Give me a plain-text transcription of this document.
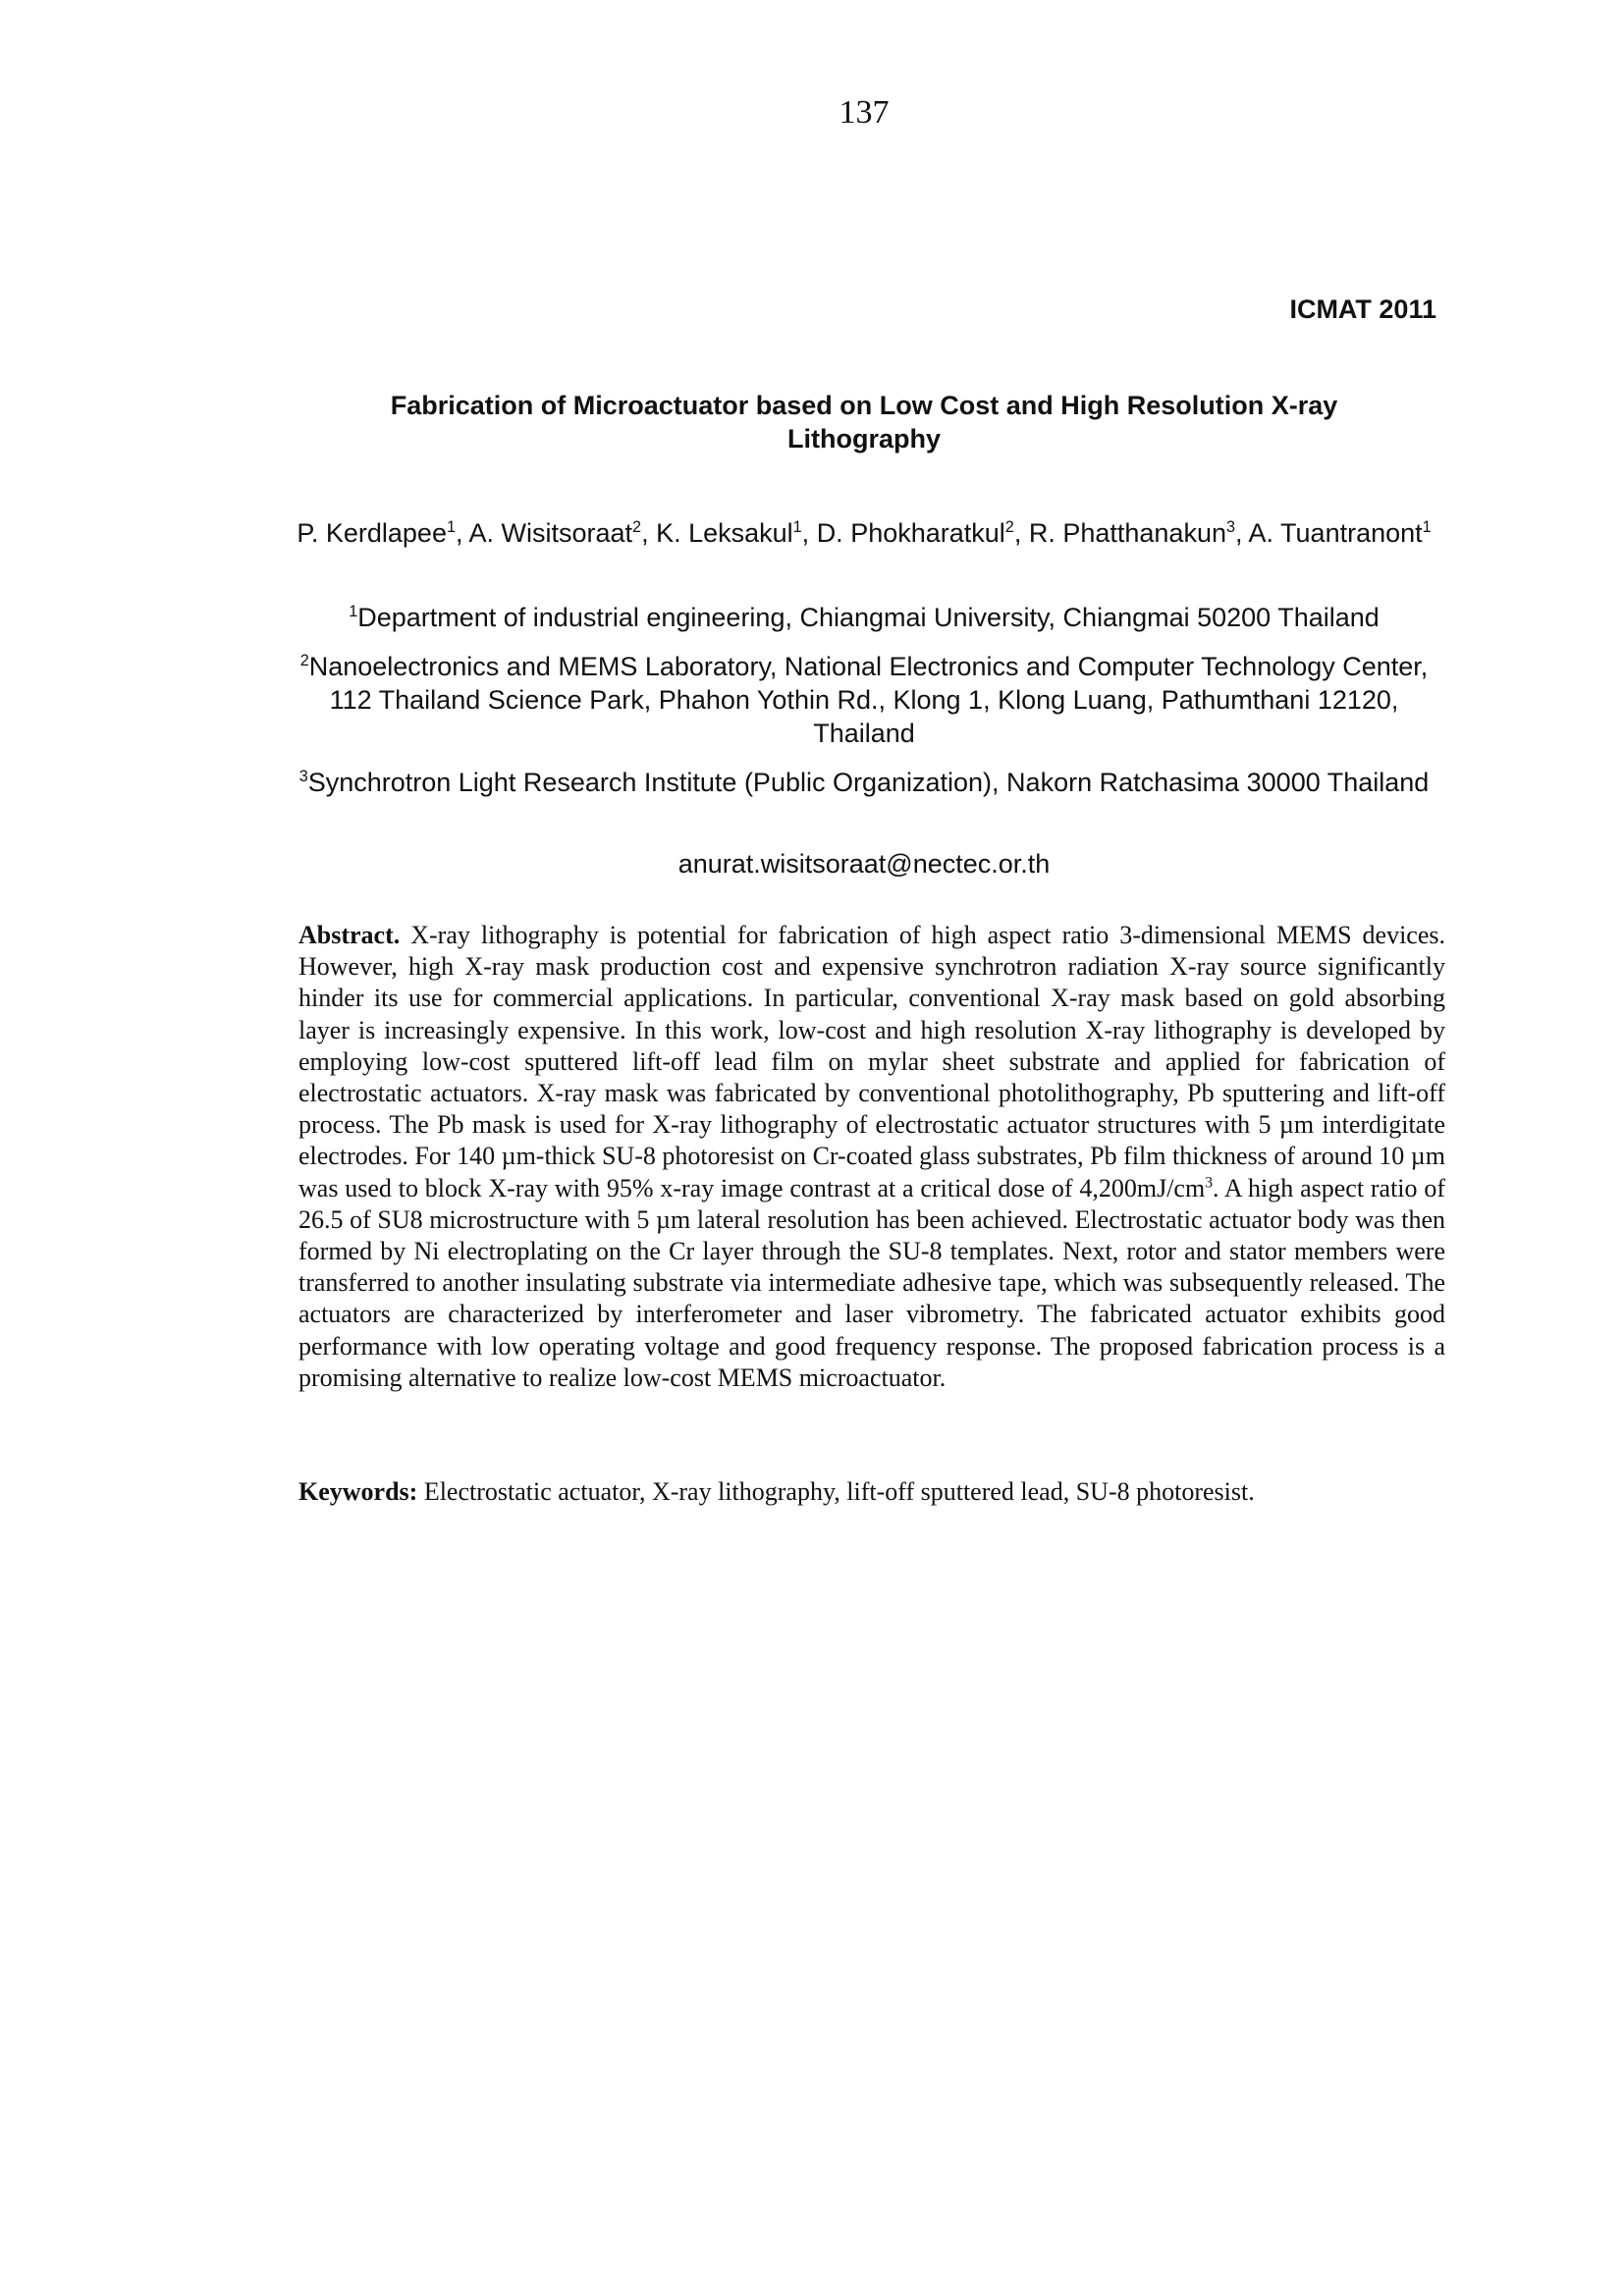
137

ICMAT 2011

Fabrication of Microactuator based on Low Cost and High Resolution X-ray Lithography

P. Kerdlapee$^1$, A. Wisitsoraat$^2$, K. Leksakul$^1$, D. Phokharatkul$^2$, R. Phatthanakun$^3$, A. Tuantranont$^1$

$^1$Department of industrial engineering, Chiangmai University, Chiangmai 50200 Thailand

$^2$Nanoelectronics and MEMS Laboratory, National Electronics and Computer Technology Center, 112 Thailand Science Park, Phahon Yothin Rd., Klong 1, Klong Luang, Pathumthani 12120, Thailand

$^3$Synchrotron Light Research Institute (Public Organization), Nakorn Ratchasima 30000 Thailand

anurat.wisitsoraat@nectec.or.th

Abstract. X-ray lithography is potential for fabrication of high aspect ratio 3-dimensional MEMS devices. However, high X-ray mask production cost and expensive synchrotron radiation X-ray source significantly hinder its use for commercial applications. In particular, conventional X-ray mask based on gold absorbing layer is increasingly expensive. In this work, low-cost and high resolution X-ray lithography is developed by employing low-cost sputtered lift-off lead film on mylar sheet substrate and applied for fabrication of electrostatic actuators. X-ray mask was fabricated by conventional photolithography, Pb sputtering and lift-off process. The Pb mask is used for X-ray lithography of electrostatic actuator structures with 5 µm interdigitate electrodes. For 140 µm-thick SU-8 photoresist on Cr-coated glass substrates, Pb film thickness of around 10 µm was used to block X-ray with 95% x-ray image contrast at a critical dose of $4,200mJ/cm^3$. A high aspect ratio of 26.5 of SU8 microstructure with 5 µm lateral resolution has been achieved. Electrostatic actuator body was then formed by Ni electroplating on the Cr layer through the SU-8 templates. Next, rotor and stator members were transferred to another insulating substrate via intermediate adhesive tape, which was subsequently released. The actuators are characterized by interferometer and laser vibrometry. The fabricated actuator exhibits good performance with low operating voltage and good frequency response. The proposed fabrication process is a promising alternative to realize low-cost MEMS microactuator.

Keywords: Electrostatic actuator, X-ray lithography, lift-off sputtered lead, SU-8 photoresist.
